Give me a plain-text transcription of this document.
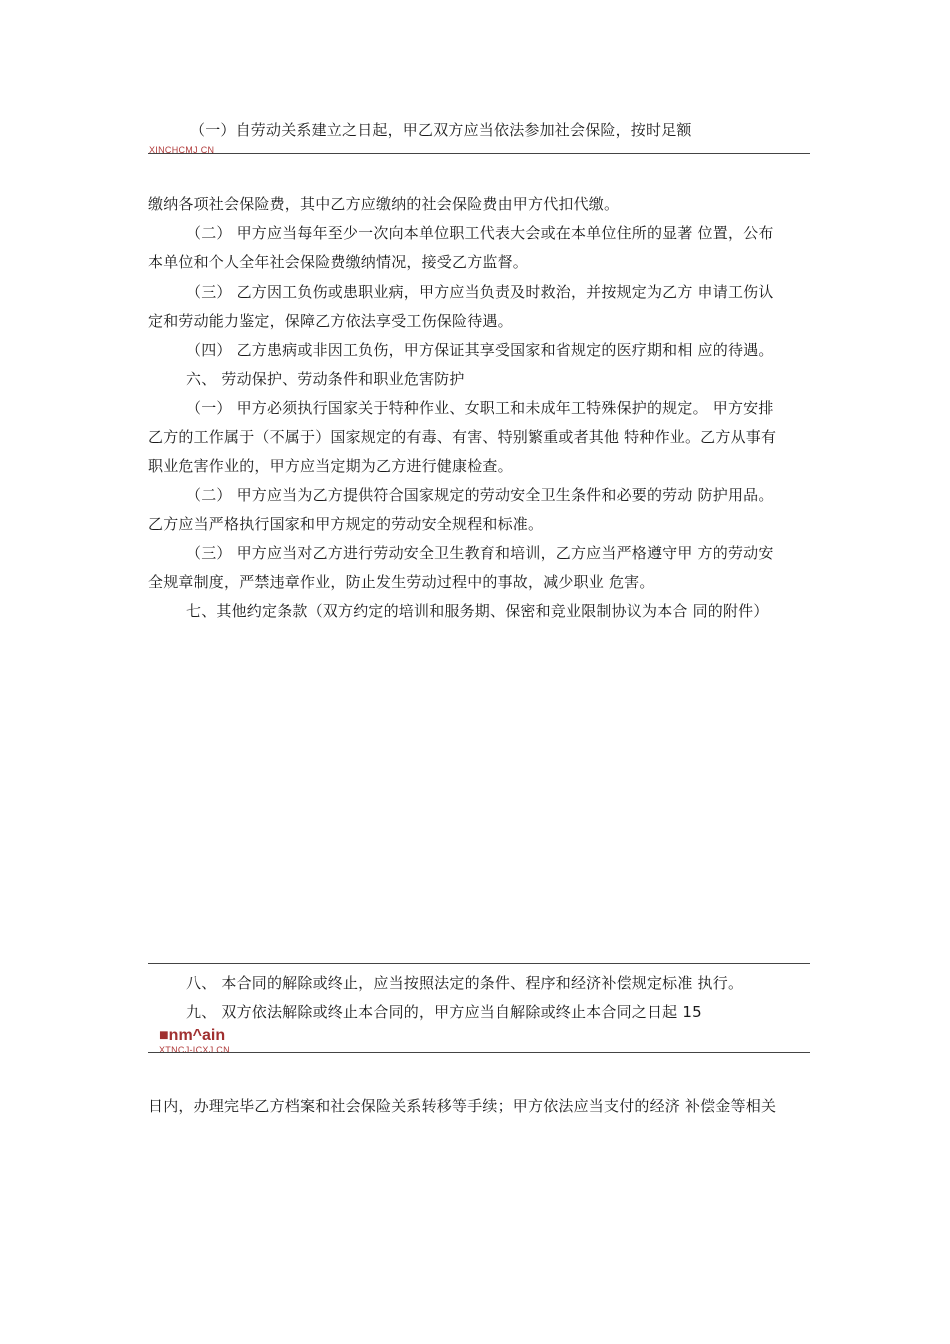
（一）自劳动关系建立之日起，甲乙双方应当依法参加社会保险，按时足额
XINCHCMJ CN
缴纳各项社会保险费，其中乙方应缴纳的社会保险费由甲方代扣代缴。
（二） 甲方应当每年至少一次向本单位职工代表大会或在本单位住所的显著 位置，公布
本单位和个人全年社会保险费缴纳情况，接受乙方监督。
（三） 乙方因工负伤或患职业病，甲方应当负责及时救治，并按规定为乙方 申请工伤认
定和劳动能力鉴定，保障乙方依法享受工伤保险待遇。
（四） 乙方患病或非因工负伤，甲方保证其享受国家和省规定的医疗期和相 应的待遇。
六、 劳动保护、劳动条件和职业危害防护
（一） 甲方必须执行国家关于特种作业、女职工和未成年工特殊保护的规定。 甲方安排
乙方的工作属于（不属于）国家规定的有毒、有害、特别繁重或者其他 特种作业。乙方从事有
职业危害作业的，甲方应当定期为乙方进行健康检查。
（二） 甲方应当为乙方提供符合国家规定的劳动安全卫生条件和必要的劳动 防护用品。
乙方应当严格执行国家和甲方规定的劳动安全规程和标准。
（三） 甲方应当对乙方进行劳动安全卫生教育和培训，乙方应当严格遵守甲 方的劳动安
全规章制度，严禁违章作业，防止发生劳动过程中的事故，减少职业 危害。
七、其他约定条款（双方约定的培训和服务期、保密和竞业限制协议为本合 同的附件）
八、 本合同的解除或终止，应当按照法定的条件、程序和经济补偿规定标准 执行。
九、 双方依法解除或终止本合同的，甲方应当自解除或终止本合同之日起 15
■nm^ain
XTNCJ-ICXJ CN
日内，办理完毕乙方档案和社会保险关系转移等手续；甲方依法应当支付的经济 补偿金等相关
